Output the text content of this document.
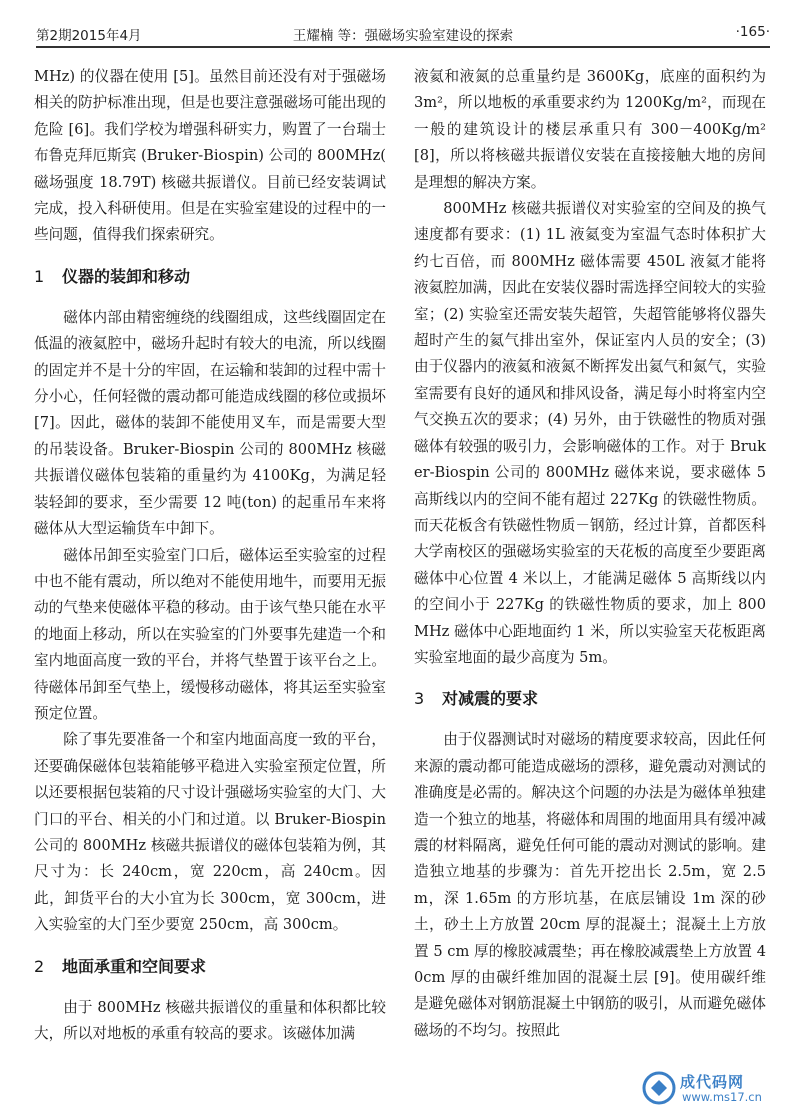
第2期2015年4月	王耀楠 等：强磁场实验室建设的探索	·165·

MHz) 的仪器在使用 [5]。虽然目前还没有对于强磁场相关的防护标准出现，但是也要注意强磁场可能出现的危险 [6]。我们学校为增强科研实力，购置了一台瑞士布鲁克拜厄斯宾 (Bruker-Biospin) 公司的 800MHz( 磁场强度 18.79T) 核磁共振谱仪。目前已经安装调试完成，投入科研使用。但是在实验室建设的过程中的一些问题，值得我们探索研究。

1 仪器的装卸和移动

磁体内部由精密缠绕的线圈组成，这些线圈固定在低温的液氦腔中，磁场升起时有较大的电流，所以线圈的固定并不是十分的牢固，在运输和装卸的过程中需十分小心，任何轻微的震动都可能造成线圈的移位或损坏 [7]。因此，磁体的装卸不能使用叉车，而是需要大型的吊装设备。Bruker-Biospin 公司的 800MHz 核磁共振谱仪磁体包装箱的重量约为 4100Kg，为满足轻装轻卸的要求，至少需要 12 吨(ton) 的起重吊车来将磁体从大型运输货车中卸下。

磁体吊卸至实验室门口后，磁体运至实验室的过程中也不能有震动，所以绝对不能使用地牛，而要用无振动的气垫来使磁体平稳的移动。由于该气垫只能在水平的地面上移动，所以在实验室的门外要事先建造一个和室内地面高度一致的平台，并将气垫置于该平台之上。待磁体吊卸至气垫上，缓慢移动磁体，将其运至实验室预定位置。

除了事先要准备一个和室内地面高度一致的平台，还要确保磁体包装箱能够平稳进入实验室预定位置，所以还要根据包装箱的尺寸设计强磁场实验室的大门、大门口的平台、相关的小门和过道。以 Bruker-Biospin 公司的 800MHz 核磁共振谱仪的磁体包装箱为例，其尺寸为：长 240cm，宽 220cm，高 240cm。因此，卸货平台的大小宜为长 300cm，宽 300cm，进入实验室的大门至少要宽 250cm，高 300cm。

2 地面承重和空间要求

由于 800MHz 核磁共振谱仪的重量和体积都比较大，所以对地板的承重有较高的要求。该磁体加满

液氦和液氮的总重量约是 3600Kg，底座的面积约为 3m²，所以地板的承重要求约为 1200Kg/m²，而现在一般的建筑设计的楼层承重只有 300－400Kg/m²[8]，所以将核磁共振谱仪安装在直接接触大地的房间是理想的解决方案。

800MHz 核磁共振谱仪对实验室的空间及的换气速度都有要求：(1) 1L 液氦变为室温气态时体积扩大约七百倍，而 800MHz 磁体需要 450L 液氦才能将液氦腔加满，因此在安装仪器时需选择空间较大的实验室；(2) 实验室还需安装失超管，失超管能够将仪器失超时产生的氦气排出室外，保证室内人员的安全；(3) 由于仪器内的液氦和液氮不断挥发出氦气和氮气，实验室需要有良好的通风和排风设备，满足每小时将室内空气交换五次的要求；(4) 另外，由于铁磁性的物质对强磁体有较强的吸引力，会影响磁体的工作。对于 Bruker-Biospin 公司的 800MHz 磁体来说，要求磁体 5 高斯线以内的空间不能有超过 227Kg 的铁磁性物质。而天花板含有铁磁性物质－钢筋，经过计算，首都医科大学南校区的强磁场实验室的天花板的高度至少要距离磁体中心位置 4 米以上，才能满足磁体 5 高斯线以内的空间小于 227Kg 的铁磁性物质的要求，加上 800MHz 磁体中心距地面约 1 米，所以实验室天花板距离实验室地面的最少高度为 5m。

3 对减震的要求

由于仪器测试时对磁场的精度要求较高，因此任何来源的震动都可能造成磁场的漂移，避免震动对测试的准确度是必需的。解决这个问题的办法是为磁体单独建造一个独立的地基，将磁体和周围的地面用具有缓冲减震的材料隔离，避免任何可能的震动对测试的影响。建造独立地基的步骤为：首先开挖出长 2.5m，宽 2.5m，深 1.65m 的方形坑基，在底层铺设 1m 深的砂土，砂土上方放置 20cm 厚的混凝土；混凝土上方放置 5 cm 厚的橡胶减震垫；再在橡胶减震垫上方放置 40cm 厚的由碳纤维加固的混凝土层 [9]。使用碳纤维是避免磁体对钢筋混凝土中钢筋的吸引，从而避免磁体磁场的不均匀。按照此

成代码网
www.ms17.cn
